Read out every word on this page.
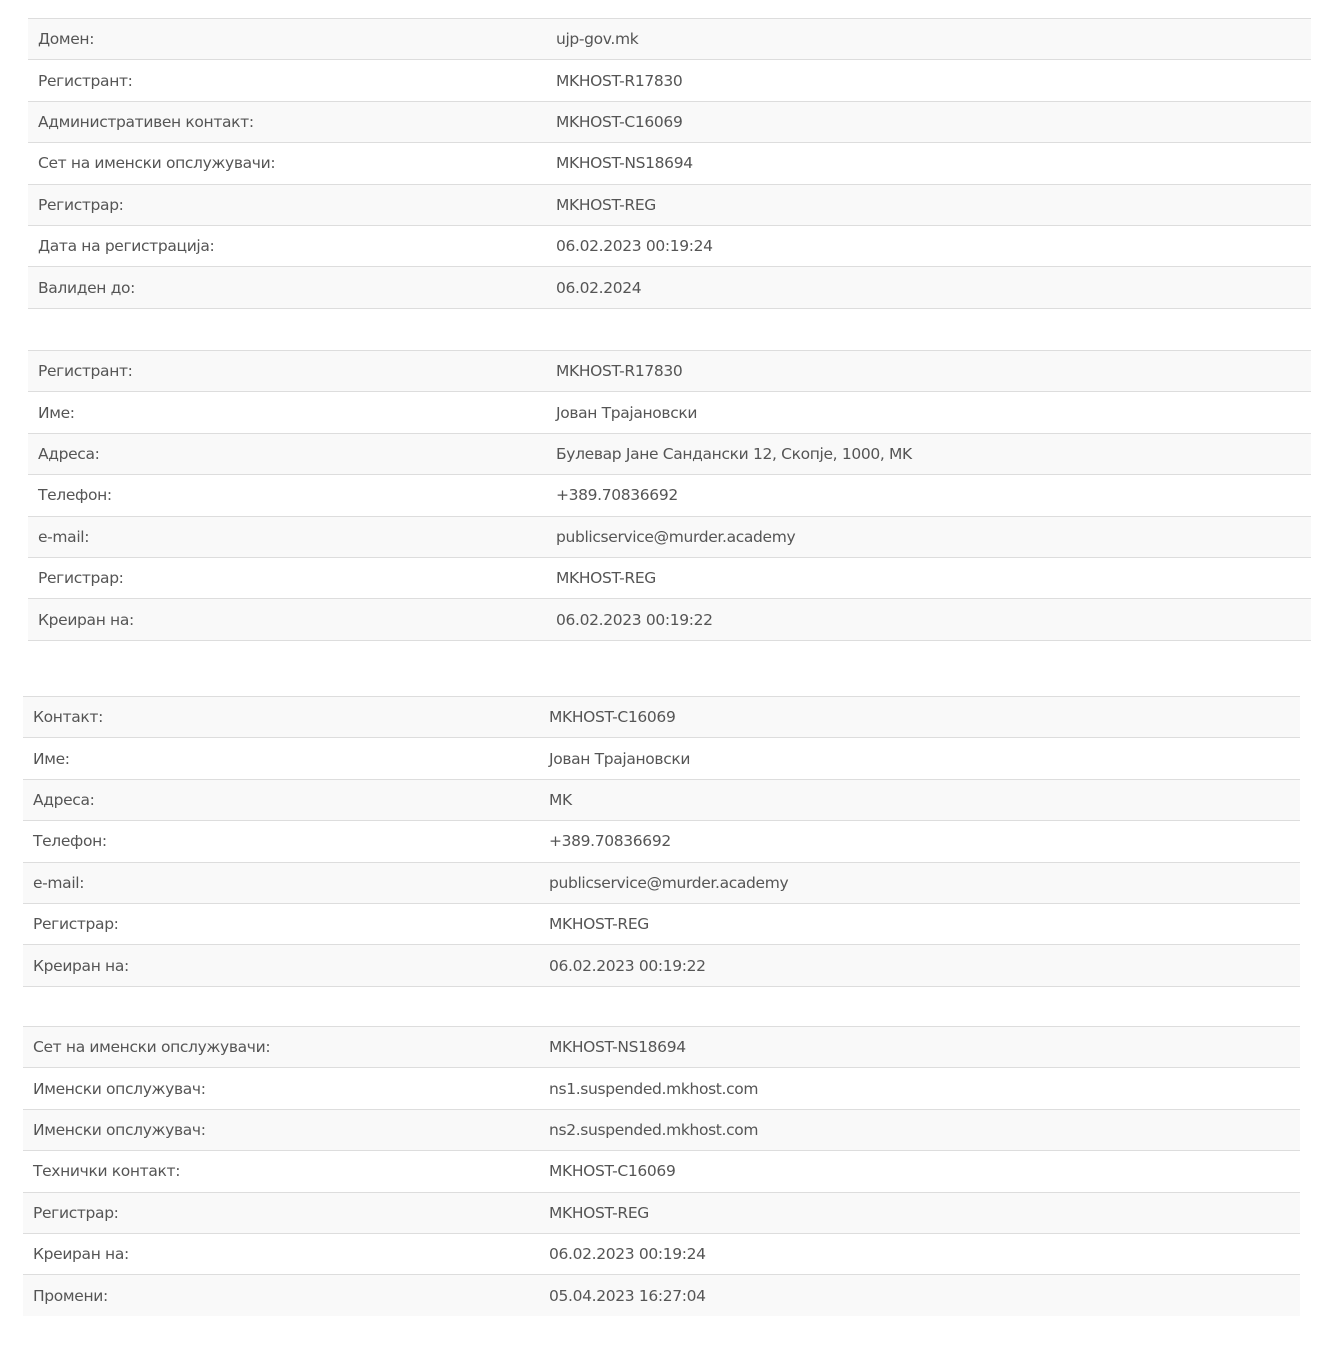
Домен:	ujp-gov.mk
Регистрант:	MKHOST-R17830
Административен контакт:	MKHOST-C16069
Сет на именски опслужувачи:	MKHOST-NS18694
Регистрар:	MKHOST-REG
Дата на регистрација:	06.02.2023 00:19:24
Валиден до:	06.02.2024
Регистрант:	MKHOST-R17830
Име:	Јован Трајановски
Адреса:	Булевар Јане Сандански 12, Скопје, 1000, MK
Телефон:	+389.70836692
e-mail:	publicservice@murder.academy
Регистрар:	MKHOST-REG
Креиран на:	06.02.2023 00:19:22
Контакт:	MKHOST-C16069
Име:	Јован Трајановски
Адреса:	MK
Телефон:	+389.70836692
e-mail:	publicservice@murder.academy
Регистрар:	MKHOST-REG
Креиран на:	06.02.2023 00:19:22
Сет на именски опслужувачи:	MKHOST-NS18694
Именски опслужувач:	ns1.suspended.mkhost.com
Именски опслужувач:	ns2.suspended.mkhost.com
Технички контакт:	MKHOST-C16069
Регистрар:	MKHOST-REG
Креиран на:	06.02.2023 00:19:24
Промени:	05.04.2023 16:27:04
